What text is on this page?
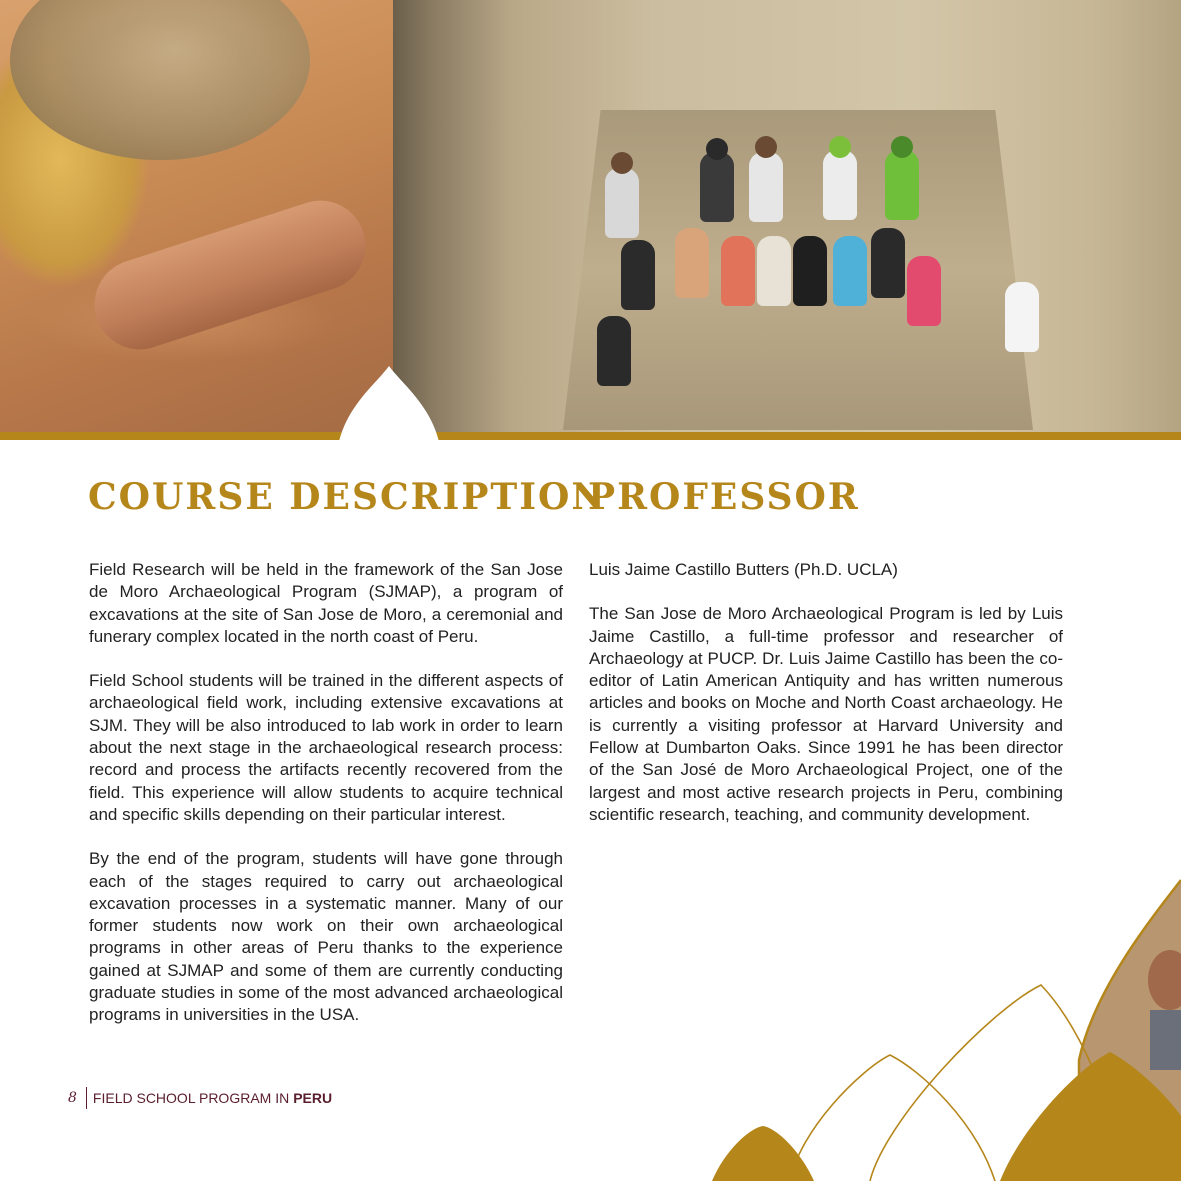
COURSE DESCRIPTION

Field Research will be held in the framework of the San Jose de Moro Archaeological Program (SJMAP), a program of excavations at the site of San Jose de Moro, a ceremonial and funerary complex located in the north coast of Peru.

Field School students will be trained in the different aspects of archaeological field work, including extensive excavations at SJM. They will be also introduced to lab work in order to learn about the next stage in the archaeological research process: record and process the artifacts recently recovered from the field. This experience will allow students to acquire technical and specific skills depending on their particular interest.

By the end of the program, students will have gone through each of the stages required to carry out archaeological excavation processes in a systematic manner. Many of our former students now work on their own archaeological programs in other areas of Peru thanks to the experience gained at SJMAP and some of them are currently conducting graduate studies in some of the most advanced archaeological programs in universities in the USA.

PROFESSOR

Luis Jaime Castillo Butters (Ph.D. UCLA)

The San Jose de Moro Archaeological Program is led by Luis Jaime Castillo, a full-time professor and researcher of Archaeology at PUCP. Dr. Luis Jaime Castillo has been the co-editor of Latin American Antiquity and has written numerous articles and books on Moche and North Coast archaeology. He is currently a visiting professor at Harvard University and Fellow at Dumbarton Oaks. Since 1991 he has been director of the San José de Moro Archaeological Project, one of the largest and most active research projects in Peru, combining scientific research, teaching, and community development.

8 FIELD SCHOOL PROGRAM IN PERU
